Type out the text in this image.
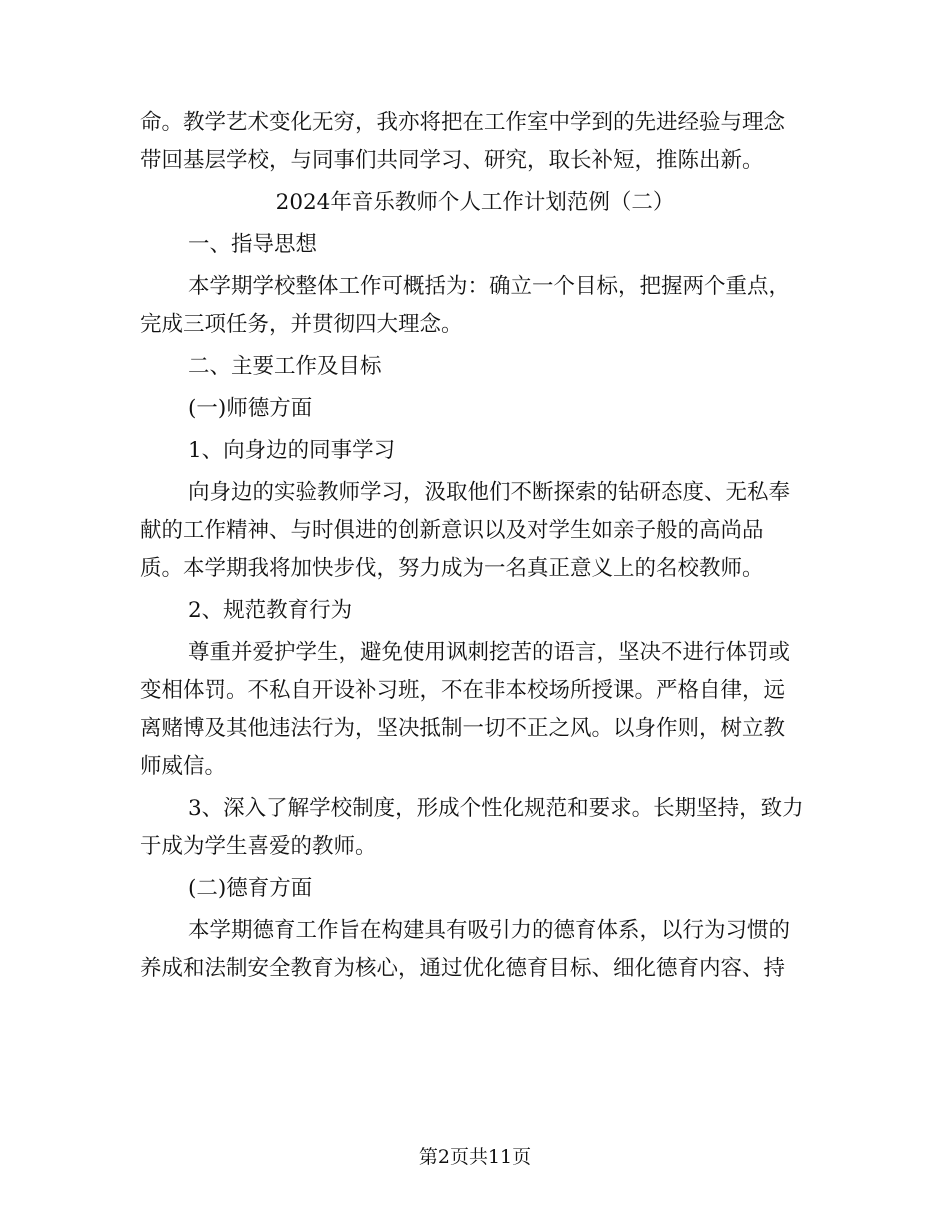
命。教学艺术变化无穷，我亦将把在工作室中学到的先进经验与理念

带回基层学校，与同事们共同学习、研究，取长补短，推陈出新。

2024年音乐教师个人工作计划范例（二）

一、指导思想

本学期学校整体工作可概括为：确立一个目标，把握两个重点，

完成三项任务，并贯彻四大理念。

二、主要工作及目标

(一)师德方面

1、向身边的同事学习

向身边的实验教师学习，汲取他们不断探索的钻研态度、无私奉

献的工作精神、与时俱进的创新意识以及对学生如亲子般的高尚品

质。本学期我将加快步伐，努力成为一名真正意义上的名校教师。

2、规范教育行为

尊重并爱护学生，避免使用讽刺挖苦的语言，坚决不进行体罚或

变相体罚。不私自开设补习班，不在非本校场所授课。严格自律，远

离赌博及其他违法行为，坚决抵制一切不正之风。以身作则，树立教

师威信。

3、深入了解学校制度，形成个性化规范和要求。长期坚持，致力

于成为学生喜爱的教师。

(二)德育方面

本学期德育工作旨在构建具有吸引力的德育体系，以行为习惯的

养成和法制安全教育为核心，通过优化德育目标、细化德育内容、持

第2页共11页
